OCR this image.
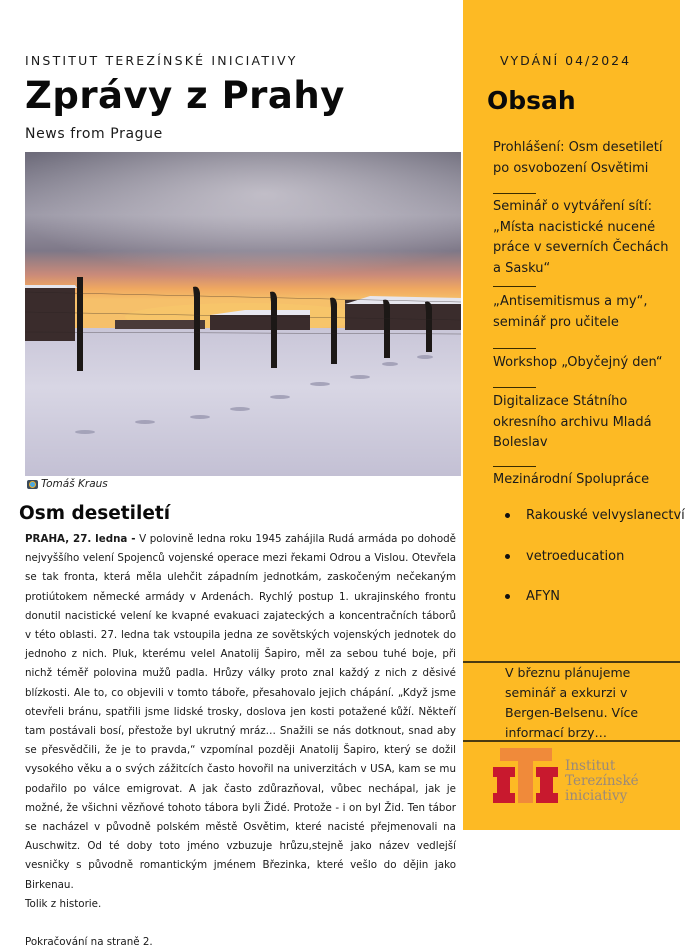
INSTITUT TEREZÍNSKÉ INICIATIVY
Zprávy z Prahy
News from Prague
Tomáš Kraus
Osm desetiletí

PRAHA, 27. ledna - V polovině ledna roku 1945 zahájila Rudá armáda po dohodě nejvyššího velení Spojenců vojenské operace mezi řekami Odrou a Vislou. Otevřela se tak fronta, která měla ulehčit západním jednotkám, zaskočeným nečekaným protiútokem německé armády v Ardenách. Rychlý postup 1. ukrajinského frontu donutil nacistické velení ke kvapné evakuaci zajateckých a koncentračních táborů v této oblasti. 27. ledna tak vstoupila jedna ze sovětských vojenských jednotek do jednoho z nich. Pluk, kterému velel Anatolij Šapiro, měl za sebou tuhé boje, při nichž téměř polovina mužů padla. Hrůzy války proto znal každý z nich z děsivé blízkosti. Ale to, co objevili v tomto táboře, přesahovalo jejich chápání. „Když jsme otevřeli bránu, spatřili jsme lidské trosky, doslova jen kosti potažené kůží. Někteří tam postávali bosí, přestože byl ukrutný mráz… Snažili se nás dotknout, snad aby se přesvědčili, že je to pravda,“ vzpomínal později Anatolij Šapiro, který se dožil vysokého věku a o svých zážitcích často hovořil na univerzitách v USA, kam se mu podařilo po válce emigrovat. A jak často zdůrazňoval, vůbec nechápal, jak je možné, že všichni vězňové tohoto tábora byli Židé. Protože - i on byl Žid. Ten tábor se nacházel v původně polském městě Osvětim, které nacisté přejmenovali na Auschwitz. Od té doby toto jméno vzbuzuje hrůzu,stejně jako název vedlejší vesničky s původně romantickým jménem Březinka, které vešlo do dějin jako Birkenau.

Tolik z historie.

Pokračování na straně 2.

VYDÁNÍ 04/2024
Obsah
Prohlášení: Osm desetiletí po osvobození Osvětimi
Seminář o vytváření sítí: „Místa nacistické nucené práce v severních Čechách a Sasku“
„Antisemitismus a my“, seminář pro učitele
Workshop „Obyčejný den“
Digitalizace Státního okresního archivu Mladá Boleslav
Mezinárodní Spolupráce
Rakouské velvyslanectví
vetroeducation
AFYN
V březnu plánujeme seminář a exkurzi v Bergen-Belsenu. Více informací brzy…
Institut
Terezínské
iniciativy
